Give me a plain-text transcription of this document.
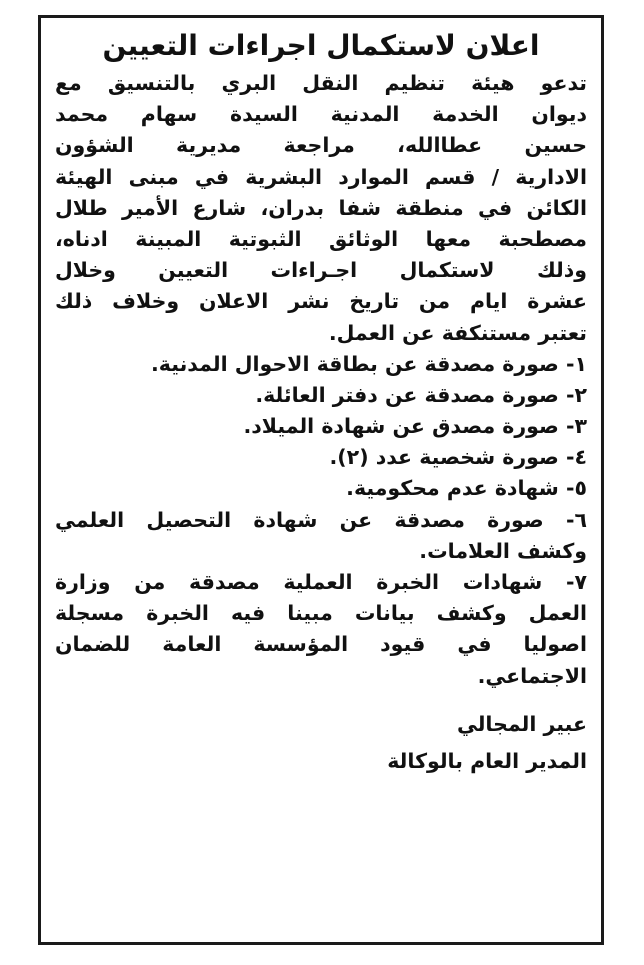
اعلان لاستكمال اجراءات التعيين
تدعو هيئة تنظيم النقل البري بالتنسيق مع
ديوان الخدمة المدنية السيدة سهام محمد
حسين عطاالله، مراجعة مديرية الشؤون
الادارية / قسم الموارد البشرية في مبنى الهيئة
الكائن في منطقة شفا بدران، شارع الأمير طلال
مصطحبة معها الوثائق الثبوتية المبينة ادناه،
وذلك لاستكمال اجـراءات التعيين وخلال
عشرة ايام من تاريخ نشر الاعلان وخلاف ذلك
تعتبر مستنكفة عن العمل.
١- صورة مصدقة عن بطاقة الاحوال المدنية.
٢- صورة مصدقة عن دفتر العائلة.
٣- صورة مصدق عن شهادة الميلاد.
٤- صورة شخصية عدد (٢).
٥- شهادة عدم محكومية.
٦- صورة مصدقة عن شهادة التحصيل العلمي
وكشف العلامات.
٧- شهادات الخبرة العملية مصدقة من وزارة
العمل وكشف بيانات مبينا فيه الخبرة مسجلة
اصوليا في قيود المؤسسة العامة للضمان
الاجتماعي.
عبير المجالي
المدير العام بالوكالة
